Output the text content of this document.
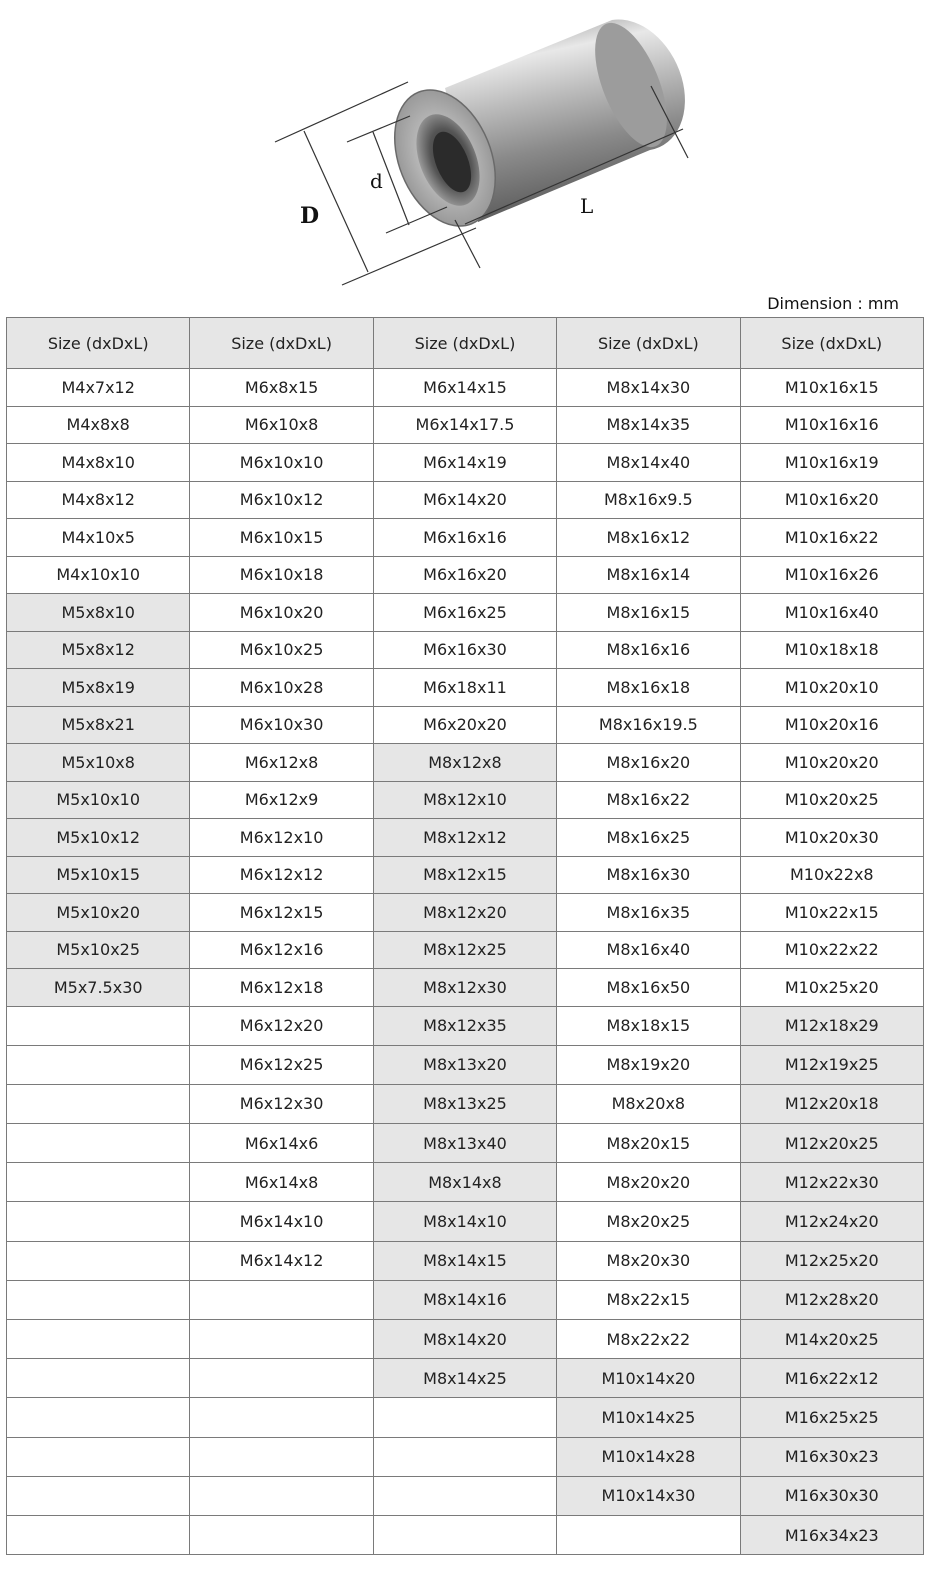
D
d
L
Dimension : mm
Size (dxDxL)	Size (dxDxL)	Size (dxDxL)	Size (dxDxL)	Size (dxDxL)
M4x7x12	M6x8x15	M6x14x15	M8x14x30	M10x16x15
M4x8x8	M6x10x8	M6x14x17.5	M8x14x35	M10x16x16
M4x8x10	M6x10x10	M6x14x19	M8x14x40	M10x16x19
M4x8x12	M6x10x12	M6x14x20	M8x16x9.5	M10x16x20
M4x10x5	M6x10x15	M6x16x16	M8x16x12	M10x16x22
M4x10x10	M6x10x18	M6x16x20	M8x16x14	M10x16x26
M5x8x10	M6x10x20	M6x16x25	M8x16x15	M10x16x40
M5x8x12	M6x10x25	M6x16x30	M8x16x16	M10x18x18
M5x8x19	M6x10x28	M6x18x11	M8x16x18	M10x20x10
M5x8x21	M6x10x30	M6x20x20	M8x16x19.5	M10x20x16
M5x10x8	M6x12x8	M8x12x8	M8x16x20	M10x20x20
M5x10x10	M6x12x9	M8x12x10	M8x16x22	M10x20x25
M5x10x12	M6x12x10	M8x12x12	M8x16x25	M10x20x30
M5x10x15	M6x12x12	M8x12x15	M8x16x30	M10x22x8
M5x10x20	M6x12x15	M8x12x20	M8x16x35	M10x22x15
M5x10x25	M6x12x16	M8x12x25	M8x16x40	M10x22x22
M5x7.5x30	M6x12x18	M8x12x30	M8x16x50	M10x25x20
	M6x12x20	M8x12x35	M8x18x15	M12x18x29
	M6x12x25	M8x13x20	M8x19x20	M12x19x25
	M6x12x30	M8x13x25	M8x20x8	M12x20x18
	M6x14x6	M8x13x40	M8x20x15	M12x20x25
	M6x14x8	M8x14x8	M8x20x20	M12x22x30
	M6x14x10	M8x14x10	M8x20x25	M12x24x20
	M6x14x12	M8x14x15	M8x20x30	M12x25x20
		M8x14x16	M8x22x15	M12x28x20
		M8x14x20	M8x22x22	M14x20x25
		M8x14x25	M10x14x20	M16x22x12
			M10x14x25	M16x25x25
			M10x14x28	M16x30x23
			M10x14x30	M16x30x30
				M16x34x23
